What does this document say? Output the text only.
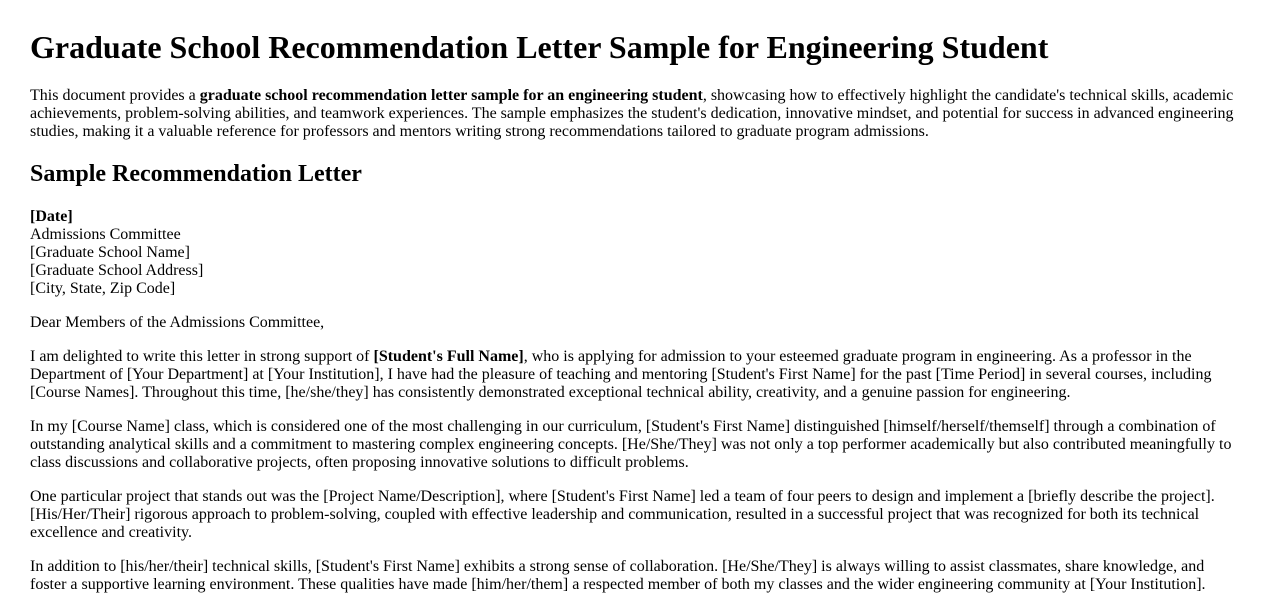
Graduate School Recommendation Letter Sample for Engineering Student

This document provides a graduate school recommendation letter sample for an engineering student, showcasing how to effectively highlight the candidate's technical skills, academic achievements, problem-solving abilities, and teamwork experiences. The sample emphasizes the student's dedication, innovative mindset, and potential for success in advanced engineering studies, making it a valuable reference for professors and mentors writing strong recommendations tailored to graduate program admissions.

Sample Recommendation Letter

[Date]
Admissions Committee
[Graduate School Name]
[Graduate School Address]
[City, State, Zip Code]

Dear Members of the Admissions Committee,

I am delighted to write this letter in strong support of [Student's Full Name], who is applying for admission to your esteemed graduate program in engineering. As a professor in the Department of [Your Department] at [Your Institution], I have had the pleasure of teaching and mentoring [Student's First Name] for the past [Time Period] in several courses, including [Course Names]. Throughout this time, [he/she/they] has consistently demonstrated exceptional technical ability, creativity, and a genuine passion for engineering.

In my [Course Name] class, which is considered one of the most challenging in our curriculum, [Student's First Name] distinguished [himself/herself/themself] through a combination of outstanding analytical skills and a commitment to mastering complex engineering concepts. [He/She/They] was not only a top performer academically but also contributed meaningfully to class discussions and collaborative projects, often proposing innovative solutions to difficult problems.

One particular project that stands out was the [Project Name/Description], where [Student's First Name] led a team of four peers to design and implement a [briefly describe the project]. [His/Her/Their] rigorous approach to problem-solving, coupled with effective leadership and communication, resulted in a successful project that was recognized for both its technical excellence and creativity.

In addition to [his/her/their] technical skills, [Student's First Name] exhibits a strong sense of collaboration. [He/She/They] is always willing to assist classmates, share knowledge, and foster a supportive learning environment. These qualities have made [him/her/them] a respected member of both my classes and the wider engineering community at [Your Institution].
